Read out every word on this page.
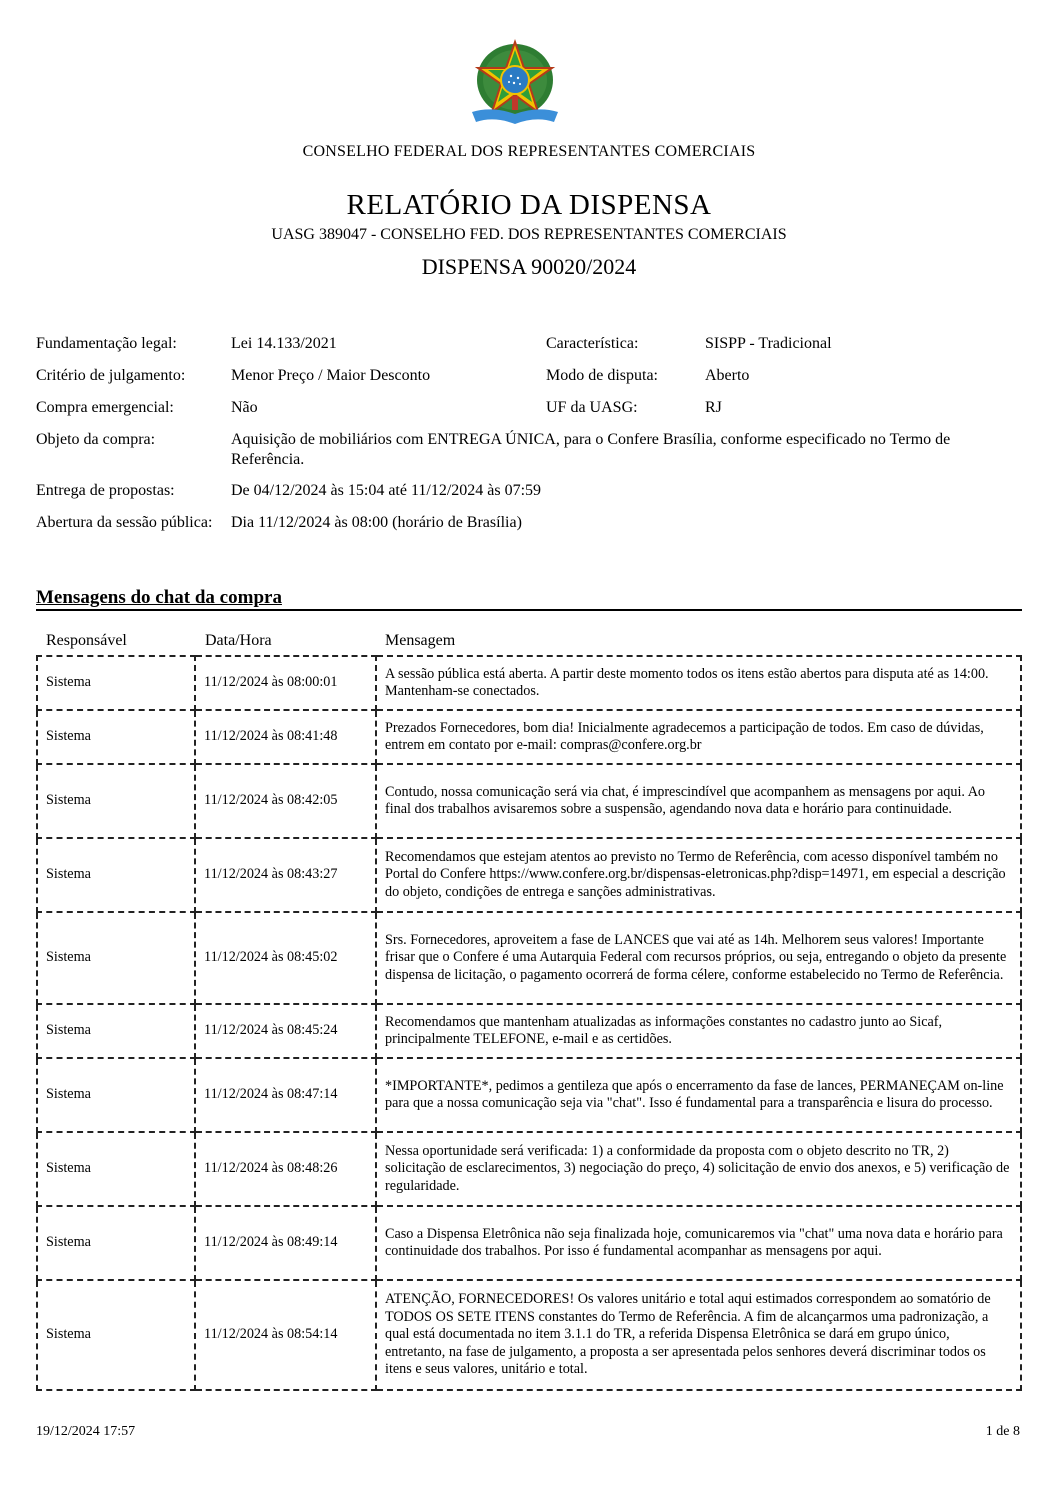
CONSELHO FEDERAL DOS REPRESENTANTES COMERCIAIS
RELATÓRIO DA DISPENSA
UASG 389047 - CONSELHO FED. DOS REPRESENTANTES COMERCIAIS
DISPENSA 90020/2024
Fundamentação legal:	Lei 14.133/2021	Característica:	SISPP - Tradicional
Critério de julgamento:	Menor Preço / Maior Desconto	Modo de disputa:	Aberto
Compra emergencial:	Não	UF da UASG:	RJ
Objeto da compra:	Aquisição de mobiliários com ENTREGA ÚNICA, para o Confere Brasília, conforme especificado no Termo de Referência.
Entrega de propostas:	De 04/12/2024 às 15:04 até 11/12/2024 às 07:59
Abertura da sessão pública: Dia 11/12/2024 às 08:00 (horário de Brasília)
Mensagens do chat da compra
Responsável	Data/Hora	Mensagem
Sistema	11/12/2024 às 08:00:01	A sessão pública está aberta. A partir deste momento todos os itens estão abertos para disputa até as 14:00. Mantenham-se conectados.
Sistema	11/12/2024 às 08:41:48	Prezados Fornecedores, bom dia! Inicialmente agradecemos a participação de todos. Em caso de dúvidas, entrem em contato por e-mail: compras@confere.org.br
Sistema	11/12/2024 às 08:42:05	Contudo, nossa comunicação será via chat, é imprescindível que acompanhem as mensagens por aqui. Ao final dos trabalhos avisaremos sobre a suspensão, agendando nova data e horário para continuidade.
Sistema	11/12/2024 às 08:43:27	Recomendamos que estejam atentos ao previsto no Termo de Referência, com acesso disponível também no Portal do Confere https://www.confere.org.br/dispensas-eletronicas.php?disp=14971, em especial a descrição do objeto, condições de entrega e sanções administrativas.
Sistema	11/12/2024 às 08:45:02	Srs. Fornecedores, aproveitem a fase de LANCES que vai até as 14h. Melhorem seus valores! Importante frisar que o Confere é uma Autarquia Federal com recursos próprios, ou seja, entregando o objeto da presente dispensa de licitação, o pagamento ocorrerá de forma célere, conforme estabelecido no Termo de Referência.
Sistema	11/12/2024 às 08:45:24	Recomendamos que mantenham atualizadas as informações constantes no cadastro junto ao Sicaf, principalmente TELEFONE, e-mail e as certidões.
Sistema	11/12/2024 às 08:47:14	*IMPORTANTE*, pedimos a gentileza que após o encerramento da fase de lances, PERMANEÇAM on-line para que a nossa comunicação seja via "chat". Isso é fundamental para a transparência e lisura do processo.
Sistema	11/12/2024 às 08:48:26	Nessa oportunidade será verificada: 1) a conformidade da proposta com o objeto descrito no TR, 2) solicitação de esclarecimentos, 3) negociação do preço, 4) solicitação de envio dos anexos, e 5) verificação de regularidade.
Sistema	11/12/2024 às 08:49:14	Caso a Dispensa Eletrônica não seja finalizada hoje, comunicaremos via "chat" uma nova data e horário para continuidade dos trabalhos. Por isso é fundamental acompanhar as mensagens por aqui.
Sistema	11/12/2024 às 08:54:14	ATENÇÃO, FORNECEDORES! Os valores unitário e total aqui estimados correspondem ao somatório de TODOS OS SETE ITENS constantes do Termo de Referência. A fim de alcançarmos uma padronização, a qual está documentada no item 3.1.1 do TR, a referida Dispensa Eletrônica se dará em grupo único, entretanto, na fase de julgamento, a proposta a ser apresentada pelos senhores deverá discriminar todos os itens e seus valores, unitário e total.
19/12/2024 17:57	1 de 8
